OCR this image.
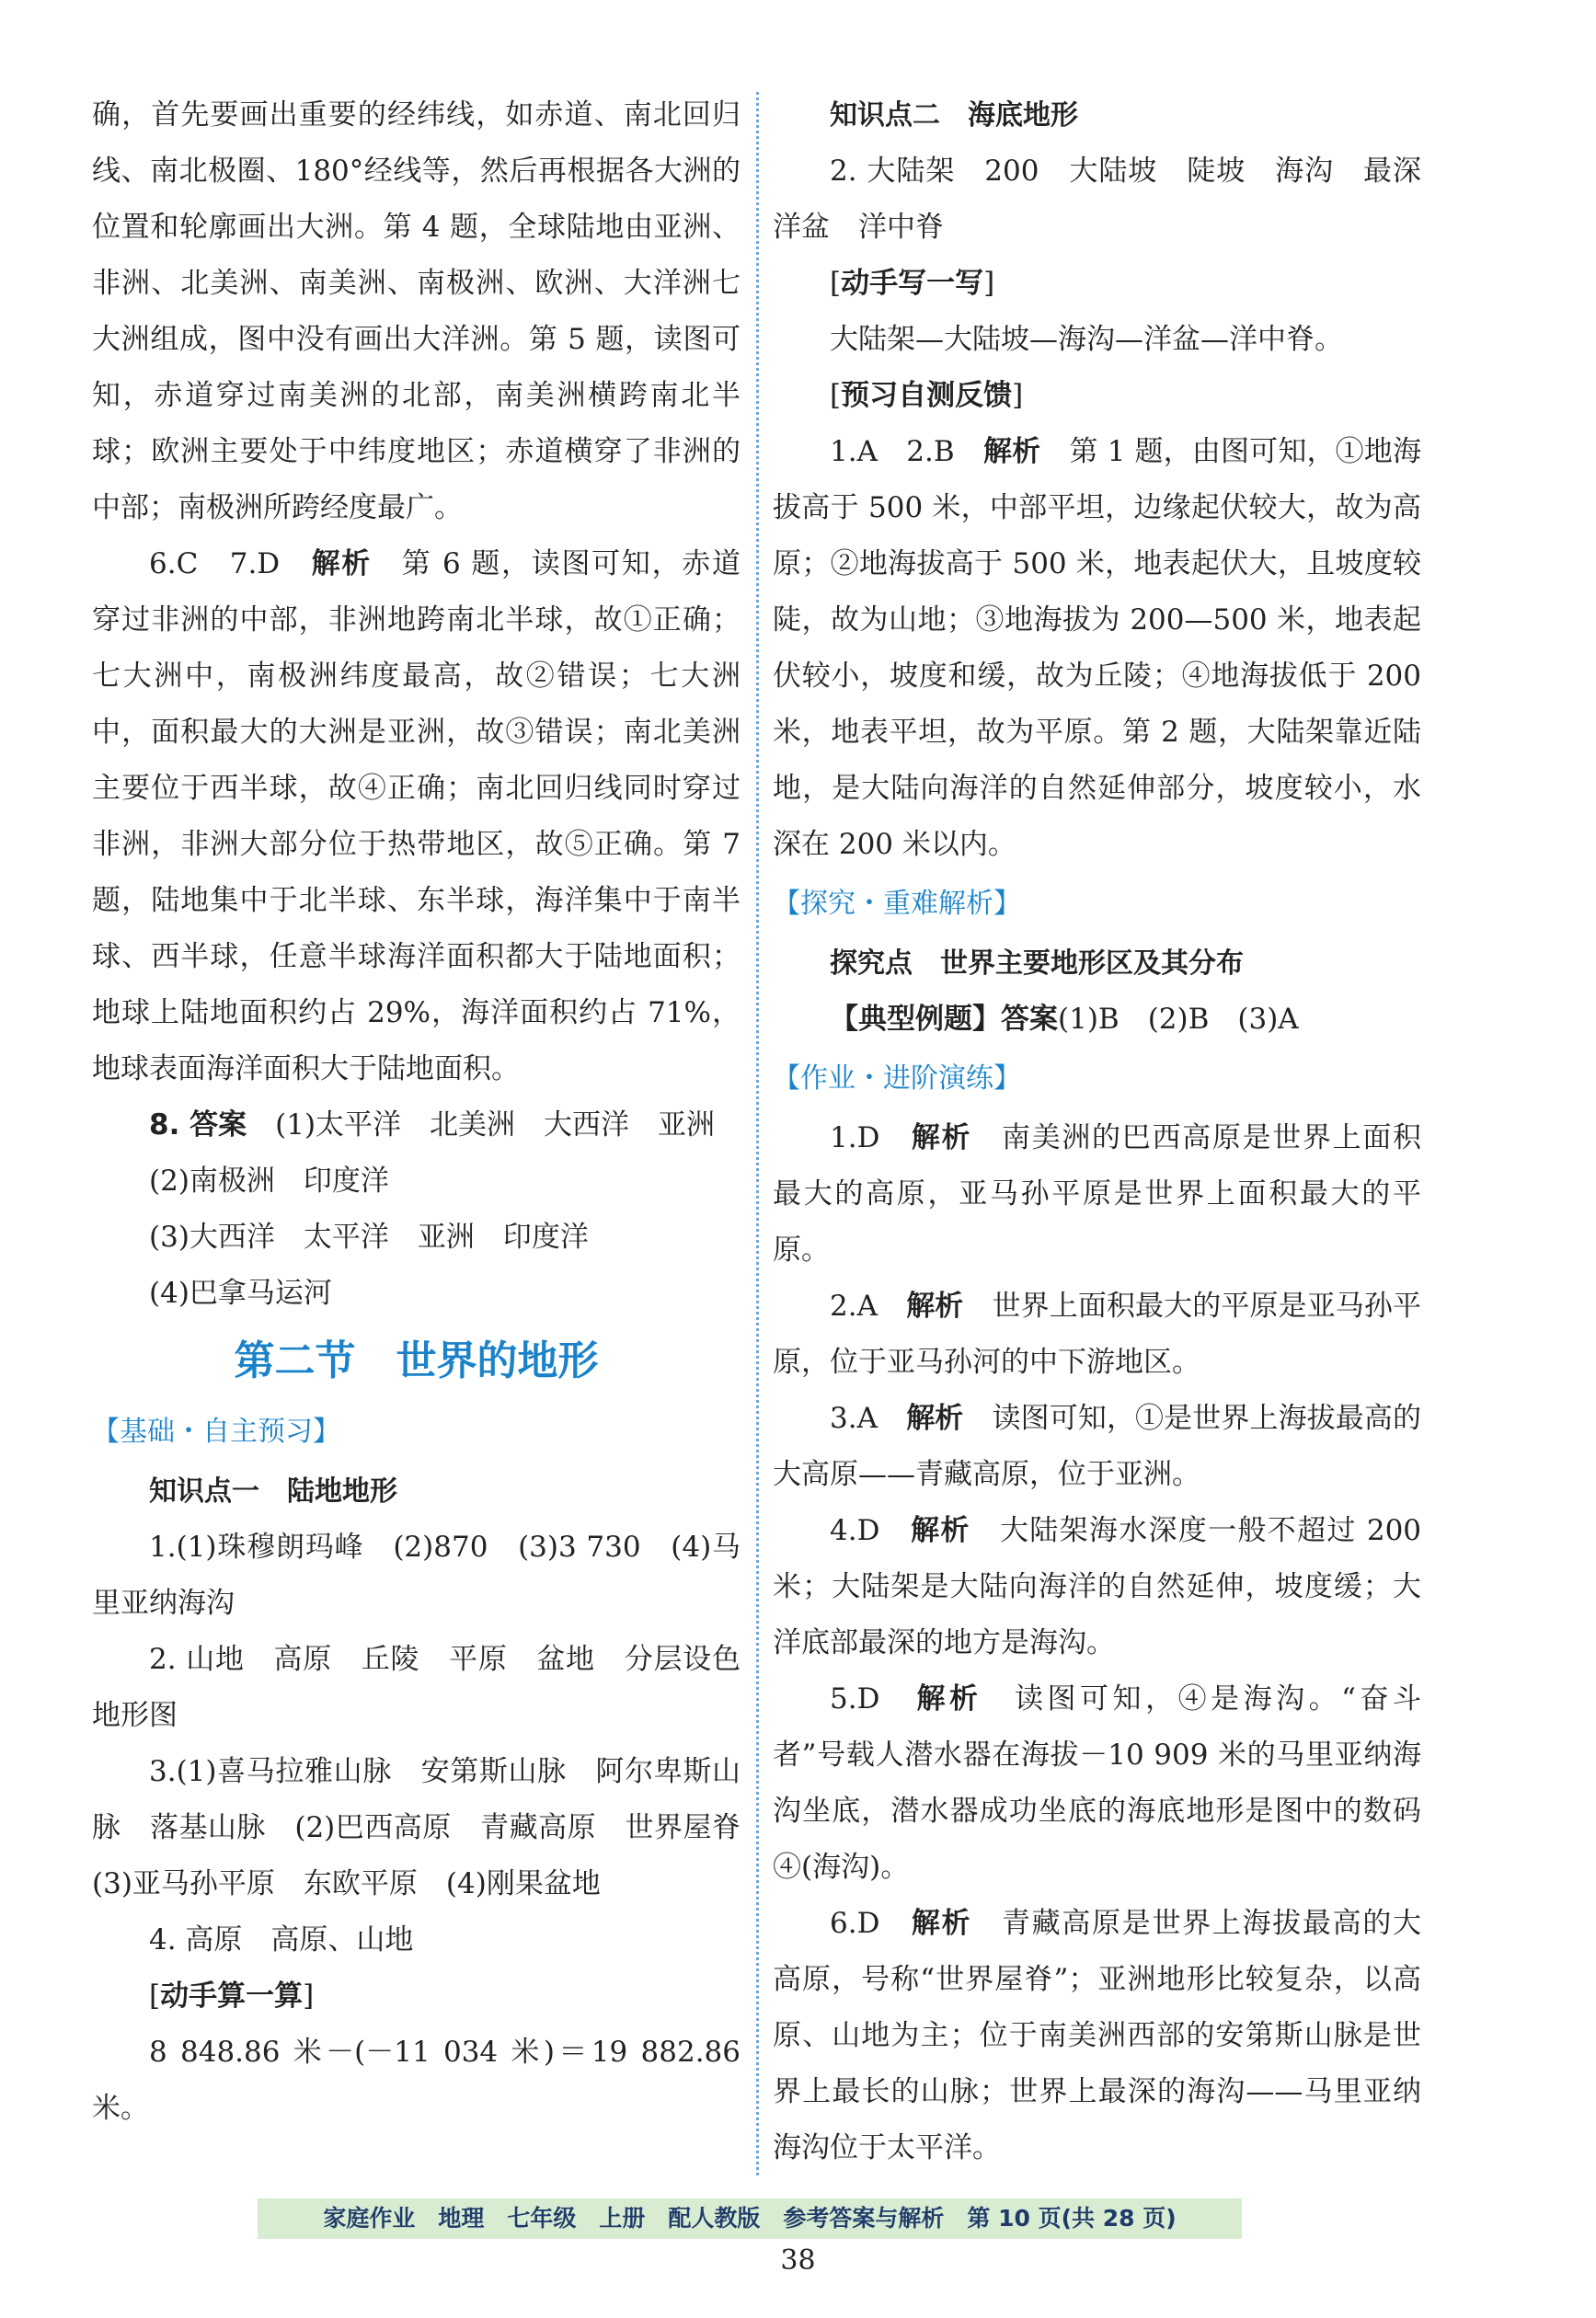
确，首先要画出重要的经纬线，如赤道、南北回归线、南北极圈、180°经线等，然后再根据各大洲的位置和轮廓画出大洲。第 4 题，全球陆地由亚洲、非洲、北美洲、南美洲、南极洲、欧洲、大洋洲七大洲组成，图中没有画出大洋洲。第 5 题，读图可知，赤道穿过南美洲的北部，南美洲横跨南北半球；欧洲主要处于中纬度地区；赤道横穿了非洲的中部；南极洲所跨经度最广。

6.C　7.D　 解析　 第 6 题，读图可知，赤道穿过非洲的中部，非洲地跨南北半球，故①正确；七大洲中，南极洲纬度最高，故②错误；七大洲中，面积最大的大洲是亚洲，故③错误；南北美洲主要位于西半球，故④正确；南北回归线同时穿过非洲，非洲大部分位于热带地区，故⑤正确。第 7 题，陆地集中于北半球、东半球，海洋集中于南半球、西半球，任意半球海洋面积都大于陆地面积；地球上陆地面积约占 29%，海洋面积约占 71%，地球表面海洋面积大于陆地面积。

8. 答案　 (1)太平洋　北美洲　大西洋　亚洲

(2)南极洲　印度洋

(3)大西洋　太平洋　亚洲　印度洋

(4)巴拿马运河

第二节　世界的地形

【基础・自主预习】

知识点一　陆地地形

1.(1)珠穆朗玛峰　(2)870　(3)3 730　(4)马里亚纳海沟

2. 山地　高原　丘陵　平原　盆地　分层设色地形图

3.(1)喜马拉雅山脉　安第斯山脉　阿尔卑斯山脉　落基山脉　(2)巴西高原　青藏高原　世界屋脊　(3)亚马孙平原　东欧平原　(4)刚果盆地

4. 高原　高原、山地

[动手算一算]

8 848.86 米－(－11 034 米)＝19 882.86 米。

知识点二　海底地形

2. 大陆架　200　大陆坡　陡坡　海沟　最深　洋盆　洋中脊

[动手写一写]

大陆架—大陆坡—海沟—洋盆—洋中脊。

[预习自测反馈]

1.A　2.B　 解析　 第 1 题，由图可知，①地海拔高于 500 米，中部平坦，边缘起伏较大，故为高原；②地海拔高于 500 米，地表起伏大，且坡度较陡，故为山地；③地海拔为 200—500 米，地表起伏较小，坡度和缓，故为丘陵；④地海拔低于 200 米，地表平坦，故为平原。第 2 题，大陆架靠近陆地，是大陆向海洋的自然延伸部分，坡度较小，水深在 200 米以内。

【探究・重难解析】

探究点　世界主要地形区及其分布

【典型例题】答案(1)B　(2)B　(3)A

【作业・进阶演练】

1.D　 解析　 南美洲的巴西高原是世界上面积最大的高原，亚马孙平原是世界上面积最大的平原。

2.A　 解析　 世界上面积最大的平原是亚马孙平原，位于亚马孙河的中下游地区。

3.A　 解析　 读图可知，①是世界上海拔最高的大高原——青藏高原，位于亚洲。

4.D　 解析　 大陆架海水深度一般不超过 200 米；大陆架是大陆向海洋的自然延伸，坡度缓；大洋底部最深的地方是海沟。

5.D　 解析　 读图可知，④是海沟。“奋斗者”号载人潜水器在海拔－10 909 米的马里亚纳海沟坐底，潜水器成功坐底的海底地形是图中的数码④(海沟)。

6.D　 解析　 青藏高原是世界上海拔最高的大高原，号称“世界屋脊”；亚洲地形比较复杂，以高原、山地为主；位于南美洲西部的安第斯山脉是世界上最长的山脉；世界上最深的海沟——马里亚纳海沟位于太平洋。

家庭作业　地理　七年级　上册　配人教版　参考答案与解析　第 10 页(共 28 页)
38
